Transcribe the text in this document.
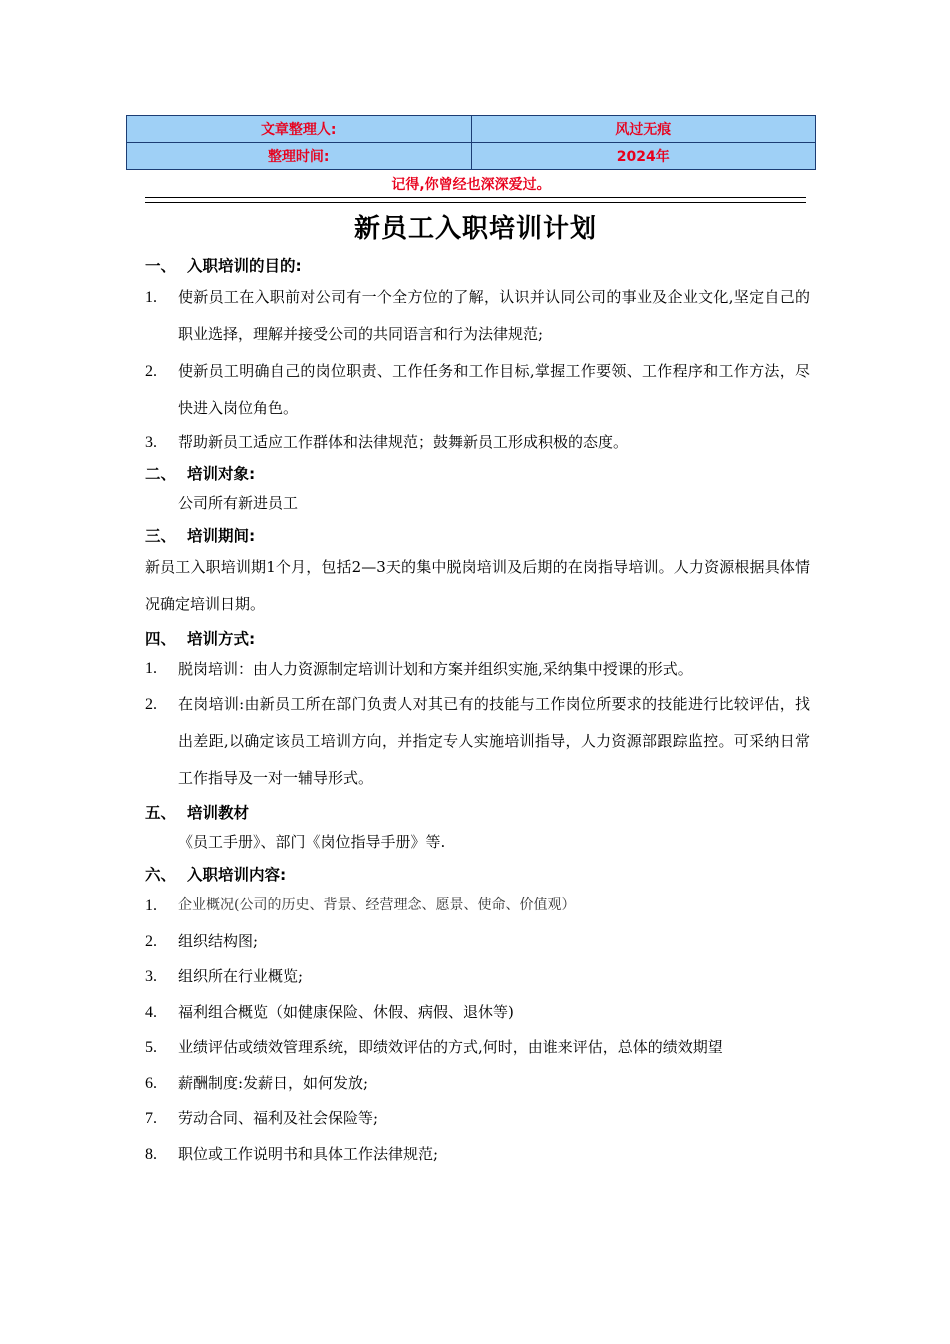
文章整理人:	风过无痕
整理时间:	2024年
记得,你曾经也深深爱过。
新员工入职培训计划
一、 入职培训的目的:
1.	使新员工在入职前对公司有一个全方位的了解，认识并认同公司的事业及企业文化,坚定自己的职业选择，理解并接受公司的共同语言和行为法律规范;
2.	使新员工明确自己的岗位职责、工作任务和工作目标,掌握工作要领、工作程序和工作方法，尽快进入岗位角色。
3.	帮助新员工适应工作群体和法律规范；鼓舞新员工形成积极的态度。
二、 培训对象:
公司所有新进员工
三、 培训期间:
新员工入职培训期1个月，包括2—3天的集中脱岗培训及后期的在岗指导培训。人力资源根据具体情况确定培训日期。
四、 培训方式:
1.	脱岗培训：由人力资源制定培训计划和方案并组织实施,采纳集中授课的形式。
2.	在岗培训:由新员工所在部门负责人对其已有的技能与工作岗位所要求的技能进行比较评估，找出差距,以确定该员工培训方向，并指定专人实施培训指导，人力资源部跟踪监控。可采纳日常工作指导及一对一辅导形式。
五、 培训教材
《员工手册》、部门《岗位指导手册》等.
六、 入职培训内容:
1.	企业概况(公司的历史、背景、经营理念、愿景、使命、价值观）
2.	组织结构图;
3.	组织所在行业概览;
4.	福利组合概览（如健康保险、休假、病假、退休等)
5.	业绩评估或绩效管理系统，即绩效评估的方式,何时，由谁来评估，总体的绩效期望
6.	薪酬制度:发薪日，如何发放;
7.	劳动合同、福利及社会保险等;
8.	职位或工作说明书和具体工作法律规范;
